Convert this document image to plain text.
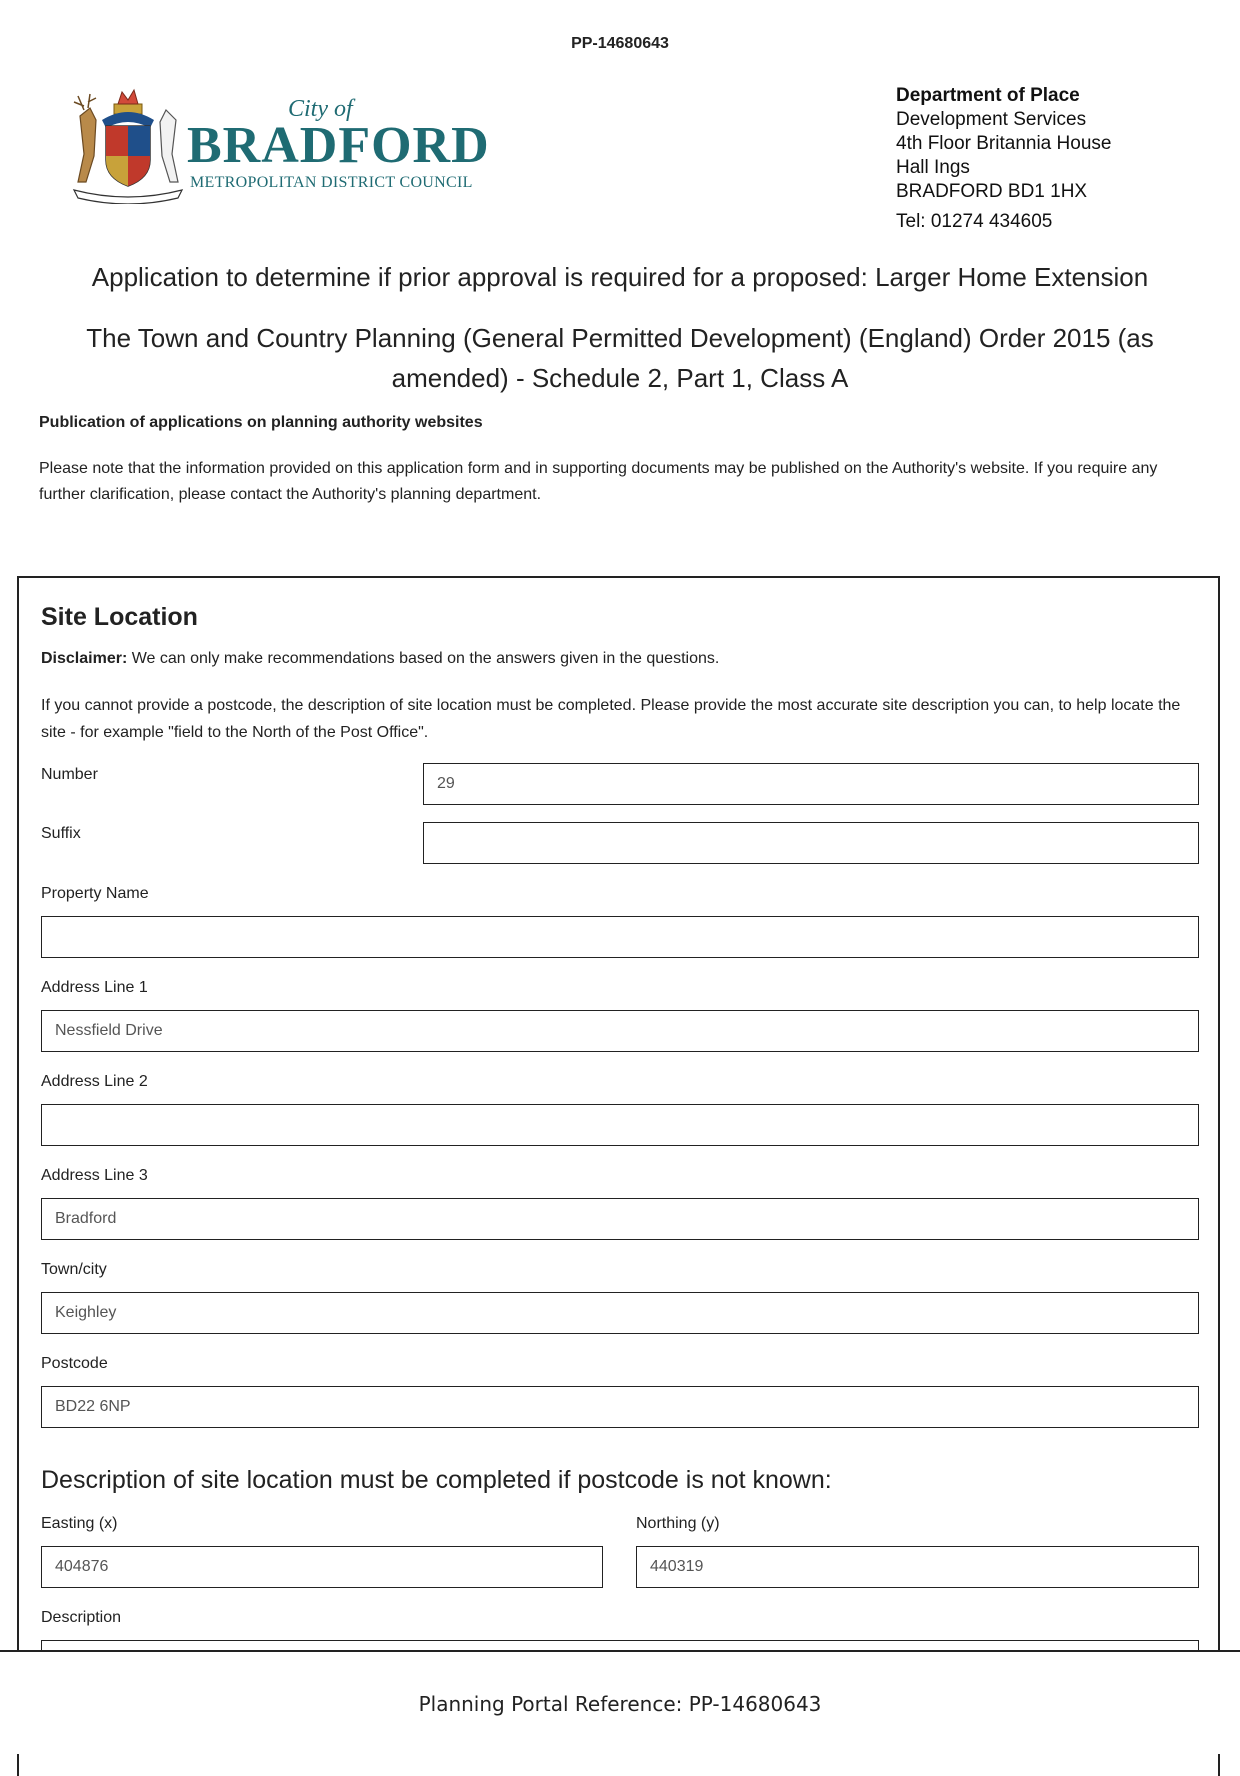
PP-14680643
City of
BRADFORD
METROPOLITAN DISTRICT COUNCIL
Department of Place
Development Services
4th Floor Britannia House
Hall Ings
BRADFORD BD1 1HX
Tel: 01274 434605
Application to determine if prior approval is required for a proposed: Larger Home Extension
The Town and Country Planning (General Permitted Development) (England) Order 2015 (as amended) - Schedule 2, Part 1, Class A
Publication of applications on planning authority websites
Please note that the information provided on this application form and in supporting documents may be published on the Authority's website. If you require any further clarification, please contact the Authority's planning department.
Site Location
Disclaimer: We can only make recommendations based on the answers given in the questions.
If you cannot provide a postcode, the description of site location must be completed. Please provide the most accurate site description you can, to help locate the site - for example "field to the North of the Post Office".
Number
29
Suffix
Property Name
Address Line 1
Nessfield Drive
Address Line 2
Address Line 3
Bradford
Town/city
Keighley
Postcode
BD22 6NP
Description of site location must be completed if postcode is not known:
Easting (x)
404876
Northing (y)
440319
Description
Planning Portal Reference: PP-14680643
